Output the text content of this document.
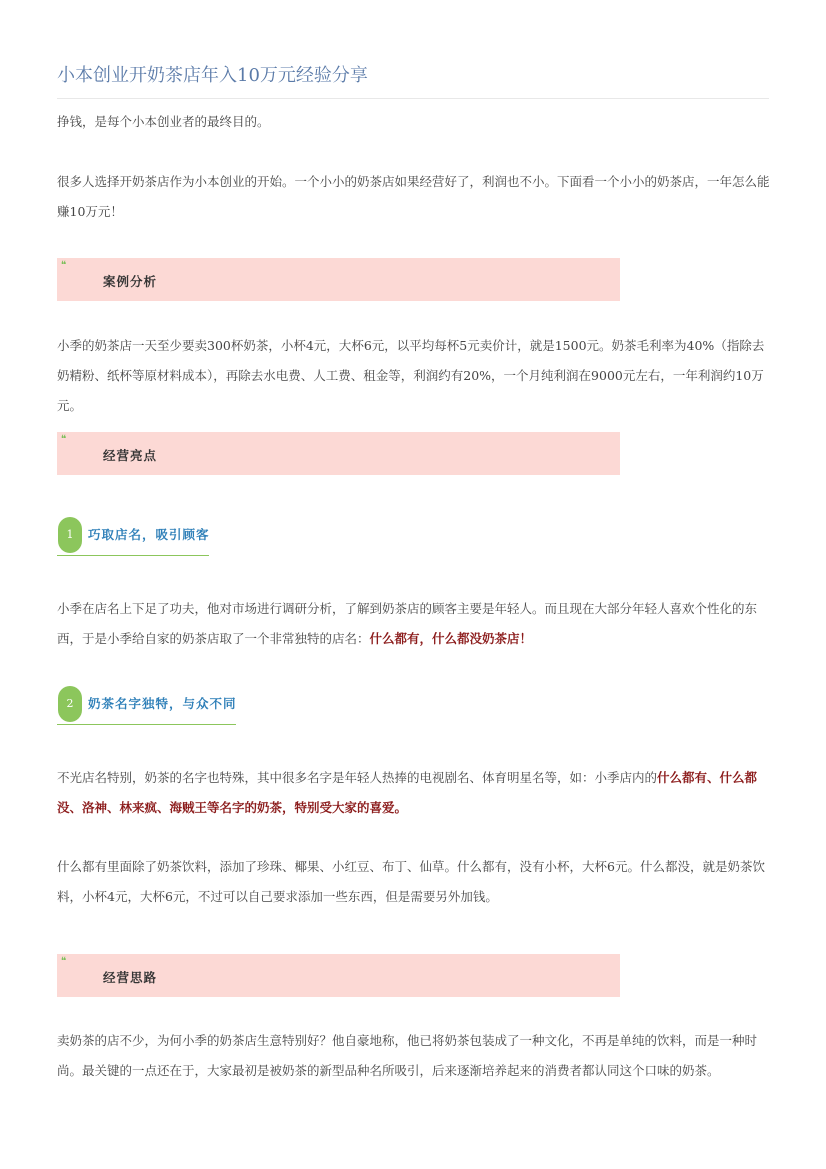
小本创业开奶茶店年入10万元经验分享

挣钱，是每个小本创业者的最终目的。

很多人选择开奶茶店作为小本创业的开始。一个小小的奶茶店如果经营好了，利润也不小。下面看一个小小的奶茶店，一年怎么能赚10万元！

❝
案例分析

小季的奶茶店一天至少要卖300杯奶茶，小杯4元，大杯6元，以平均每杯5元卖价计，就是1500元。奶茶毛利率为40%（指除去奶精粉、纸杯等原材料成本），再除去水电费、人工费、租金等，利润约有20%，一个月纯利润在9000元左右，一年利润约10万元。

❝
经营亮点
1	巧取店名，吸引顾客

小季在店名上下足了功夫，他对市场进行调研分析，了解到奶茶店的顾客主要是年轻人。而且现在大部分年轻人喜欢个性化的东西，于是小季给自家的奶茶店取了一个非常独特的店名：什么都有，什么都没奶茶店！

2	奶茶名字独特，与众不同

不光店名特别，奶茶的名字也特殊，其中很多名字是年轻人热捧的电视剧名、体育明星名等，如：小季店内的什么都有、什么都没、洛神、林来疯、海贼王等名字的奶茶，特别受大家的喜爱。

什么都有里面除了奶茶饮料，添加了珍珠、椰果、小红豆、布丁、仙草。什么都有，没有小杯，大杯6元。什么都没，就是奶茶饮料，小杯4元，大杯6元，不过可以自己要求添加一些东西，但是需要另外加钱。

❝
经营思路

卖奶茶的店不少，为何小季的奶茶店生意特别好？他自豪地称，他已将奶茶包装成了一种文化，不再是单纯的饮料，而是一种时尚。最关键的一点还在于，大家最初是被奶茶的新型品种名所吸引，后来逐渐培养起来的消费者都认同这个口味的奶茶。
